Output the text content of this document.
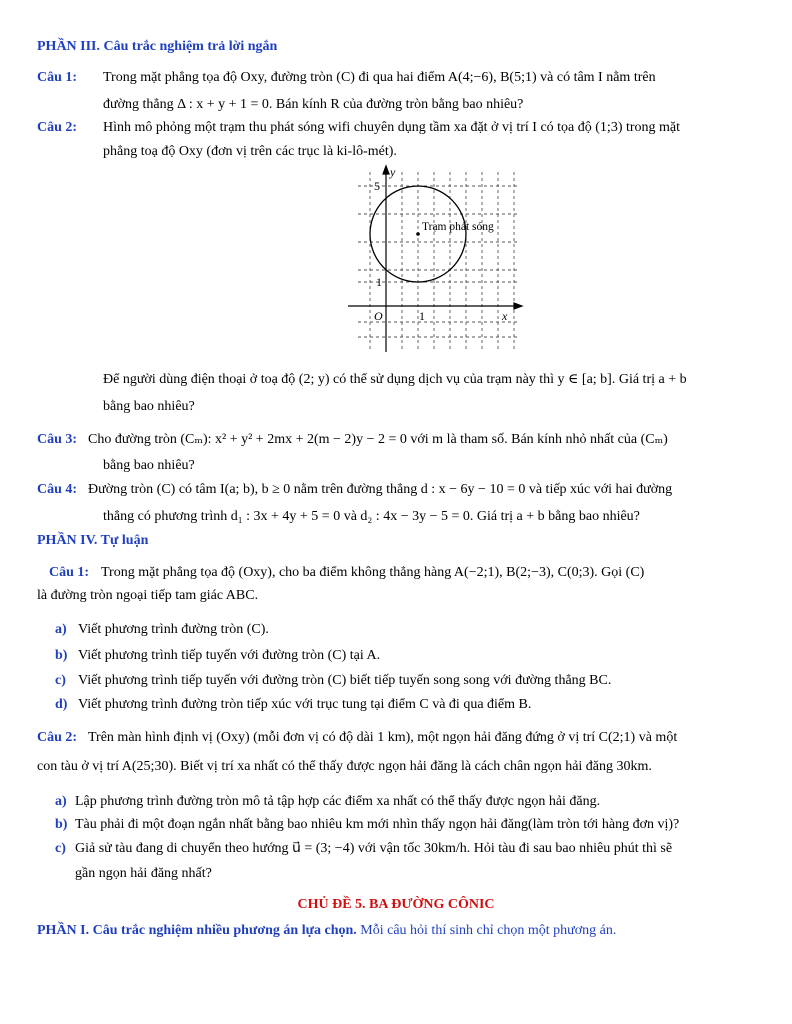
PHẦN III. Câu trắc nghiệm trả lời ngắn
Câu 1: Trong mặt phẳng tọa độ Oxy, đường tròn (C) đi qua hai điểm A(4;−6), B(5;1) và có tâm I nằm trên
đường thẳng Δ : x + y + 1 = 0. Bán kính R của đường tròn bằng bao nhiêu?
Câu 2: Hình mô phỏng một trạm thu phát sóng wifi chuyên dụng tầm xa đặt ở vị trí I có tọa độ (1;3) trong mặt
phẳng toạ độ Oxy (đơn vị trên các trục là ki-lô-mét).
y
5
1
O	1	x
Trạm phát sóng
Để người dùng điện thoại ở toạ độ (2; y) có thể sử dụng dịch vụ của trạm này thì y ∈ [a; b]. Giá trị a + b
bằng bao nhiêu?
Câu 3: Cho đường tròn (Cₘ): x² + y² + 2mx + 2(m − 2)y − 2 = 0 với m là tham số. Bán kính nhỏ nhất của (Cₘ)
bằng bao nhiêu?
Câu 4: Đường tròn (C) có tâm I(a; b), b ≥ 0 nằm trên đường thẳng d : x − 6y − 10 = 0 và tiếp xúc với hai đường
thẳng có phương trình d₁ : 3x + 4y + 5 = 0 và d₂ : 4x − 3y − 5 = 0. Giá trị a + b bằng bao nhiêu?
PHẦN IV. Tự luận
Câu 1: Trong mặt phẳng tọa độ (Oxy), cho ba điểm không thẳng hàng A(−2;1), B(2;−3), C(0;3). Gọi (C)
là đường tròn ngoại tiếp tam giác ABC.
a) Viết phương trình đường tròn (C).
b) Viết phương trình tiếp tuyến với đường tròn (C) tại A.
c) Viết phương trình tiếp tuyến với đường tròn (C) biết tiếp tuyến song song với đường thẳng BC.
d) Viết phương trình đường tròn tiếp xúc với trục tung tại điểm C và đi qua điểm B.
Câu 2: Trên màn hình định vị (Oxy) (mỗi đơn vị có độ dài 1 km), một ngọn hải đăng đứng ở vị trí C(2;1) và một
con tàu ở vị trí A(25;30). Biết vị trí xa nhất có thể thấy được ngọn hải đăng là cách chân ngọn hải đăng 30km.
a) Lập phương trình đường tròn mô tả tập hợp các điểm xa nhất có thể thấy được ngọn hải đăng.
b) Tàu phải đi một đoạn ngắn nhất bằng bao nhiêu km mới nhìn thấy ngọn hải đăng(làm tròn tới hàng đơn vị)?
c) Giả sử tàu đang di chuyển theo hướng u⃗ = (3; −4) với vận tốc 30km/h. Hỏi tàu đi sau bao nhiêu phút thì sẽ
gần ngọn hải đăng nhất?
CHỦ ĐỀ 5. BA ĐƯỜNG CÔNIC
PHẦN I. Câu trắc nghiệm nhiều phương án lựa chọn. Mỗi câu hỏi thí sinh chỉ chọn một phương án.
